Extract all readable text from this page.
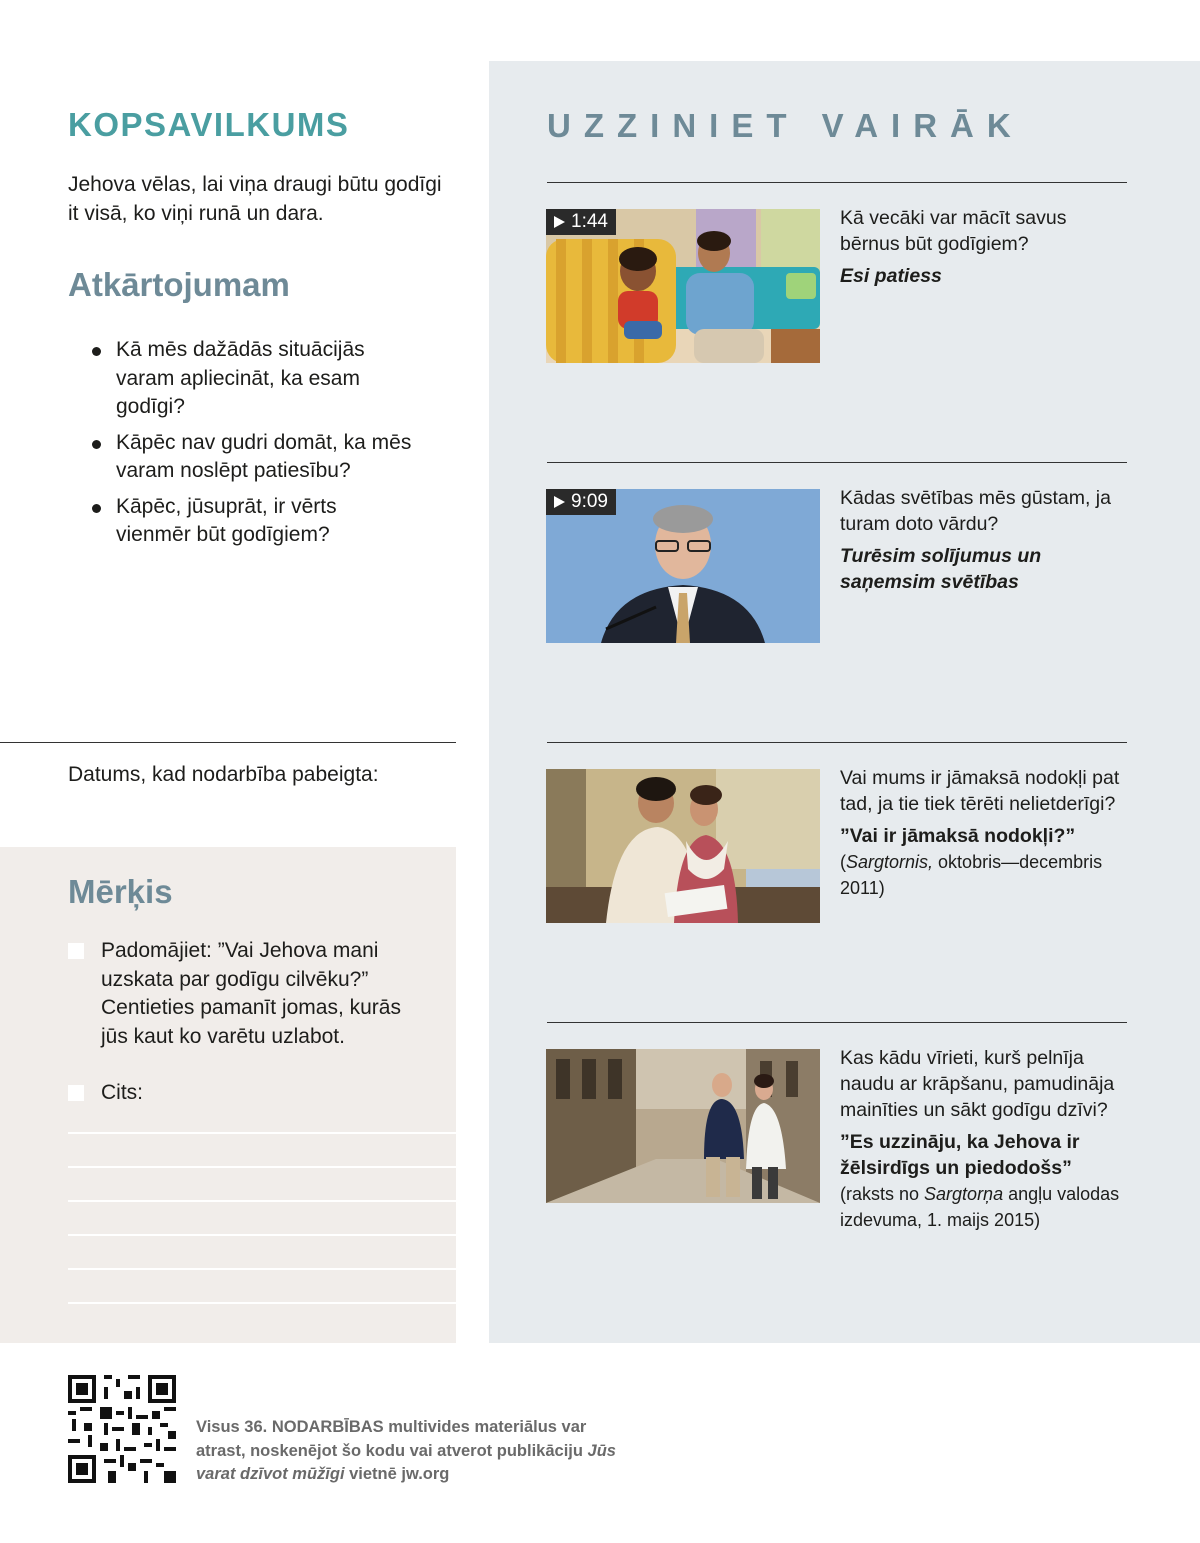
KOPSAVILKUMS

Jehova vēlas, lai viņa draugi būtu godīgi it visā, ko viņi runā un dara.

Atkārtojumam
Kā mēs dažādās situācijās varam apliecināt, ka esam godīgi?
Kāpēc nav gudri domāt, ka mēs varam noslēpt patiesību?
Kāpēc, jūsuprāt, ir vērts vienmēr būt godīgiem?
Datums, kad nodarbība pabeigta:
Mērķis
Padomājiet: ”Vai Jehova mani uzskata par godīgu cilvēku?” Centieties pamanīt jomas, kurās jūs kaut ko varētu uzlabot.
Cits:
UZZINIET VAIRĀK
1:44	Kā vecāki var mācīt savus bērnus būt godīgiem?
Esi patiess
9:09	Kādas svētības mēs gūstam, ja turam doto vārdu?
Turēsim solījumus un saņemsim svētības
Vai mums ir jāmaksā nodokļi pat tad, ja tie tiek tērēti nelietderīgi?
”Vai ir jāmaksā nodokļi?”
(Sargtornis, oktobris—decembris 2011)
Kas kādu vīrieti, kurš pelnīja naudu ar krāpšanu, pamudināja mainīties un sākt godīgu dzīvi?
”Es uzzināju, ka Jehova ir žēlsirdīgs un piedodošs”
(raksts no Sargtorņa angļu valodas izdevuma, 1. maijs 2015)
Visus 36. NODARBĪBAS multivides materiālus var atrast, noskenējot šo kodu vai atverot publikāciju Jūs varat dzīvot mūžīgi vietnē jw.org
